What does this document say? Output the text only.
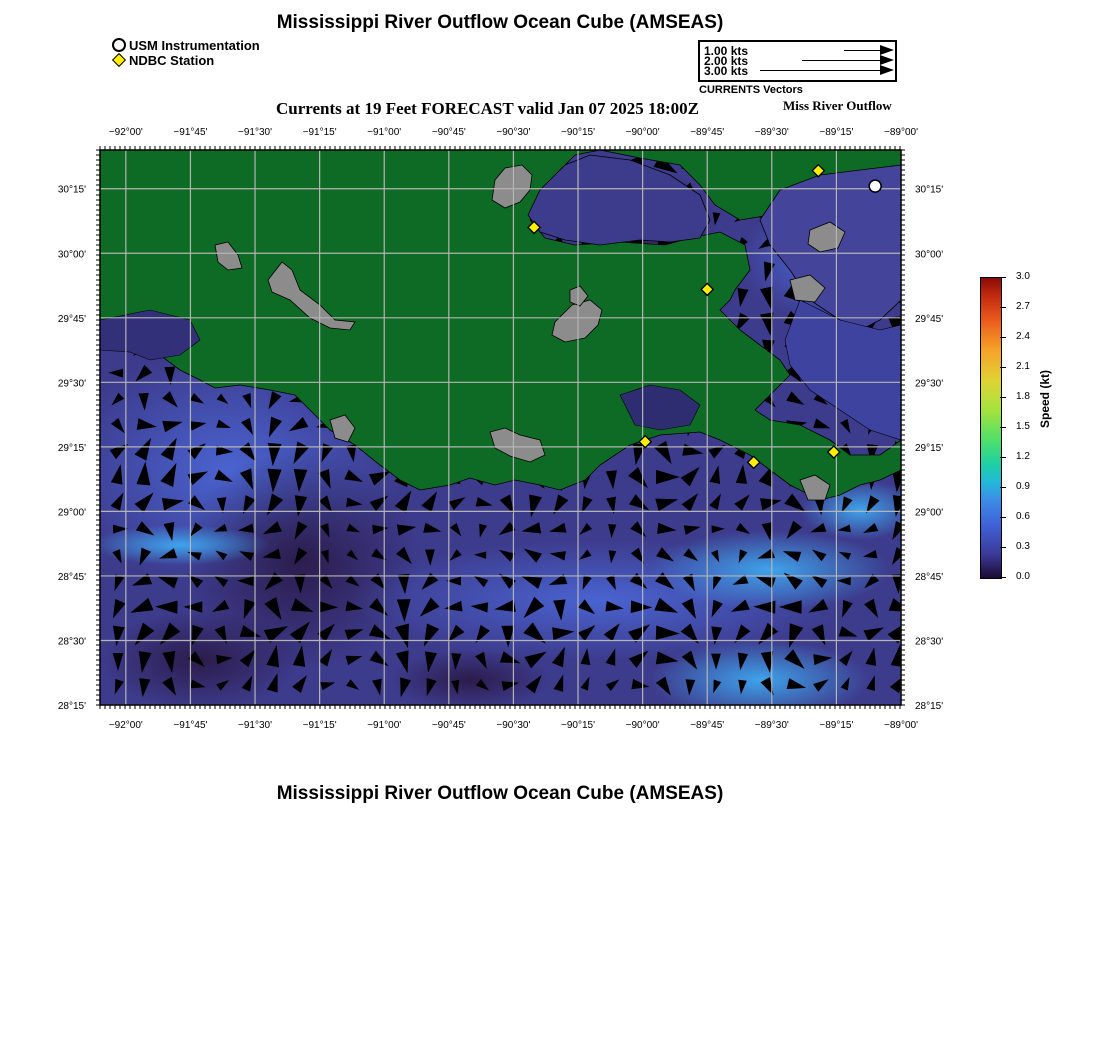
Mississippi River Outflow Ocean Cube (AMSEAS)
USM Instrumentation
NDBC Station
1.00 kts
2.00 kts
3.00 kts
CURRENTS Vectors
Currents at 19 Feet FORECAST valid Jan 07 2025 18:00Z	Miss River Outflow
−92°00'	−91°45'	−91°30'	−91°15'	−91°00'	−90°45'	−90°30'	−90°15'	−90°00'	−89°45'	−89°30'	−89°15'	−89°00'
−92°00'	−91°45'	−91°30'	−91°15'	−91°00'	−90°45'	−90°30'	−90°15'	−90°00'	−89°45'	−89°30'	−89°15'	−89°00'
30°15'
30°00'
29°45'
29°30'
29°15'
29°00'
28°45'
28°30'
28°15'
30°15'
30°00'
29°45'
29°30'
29°15'
29°00'
28°45'
28°30'
28°15'
3.0
2.7
2.4
2.1
1.8
1.5
1.2
0.9
0.6
0.3
0.0
Speed (kt)
Mississippi River Outflow Ocean Cube (AMSEAS)
